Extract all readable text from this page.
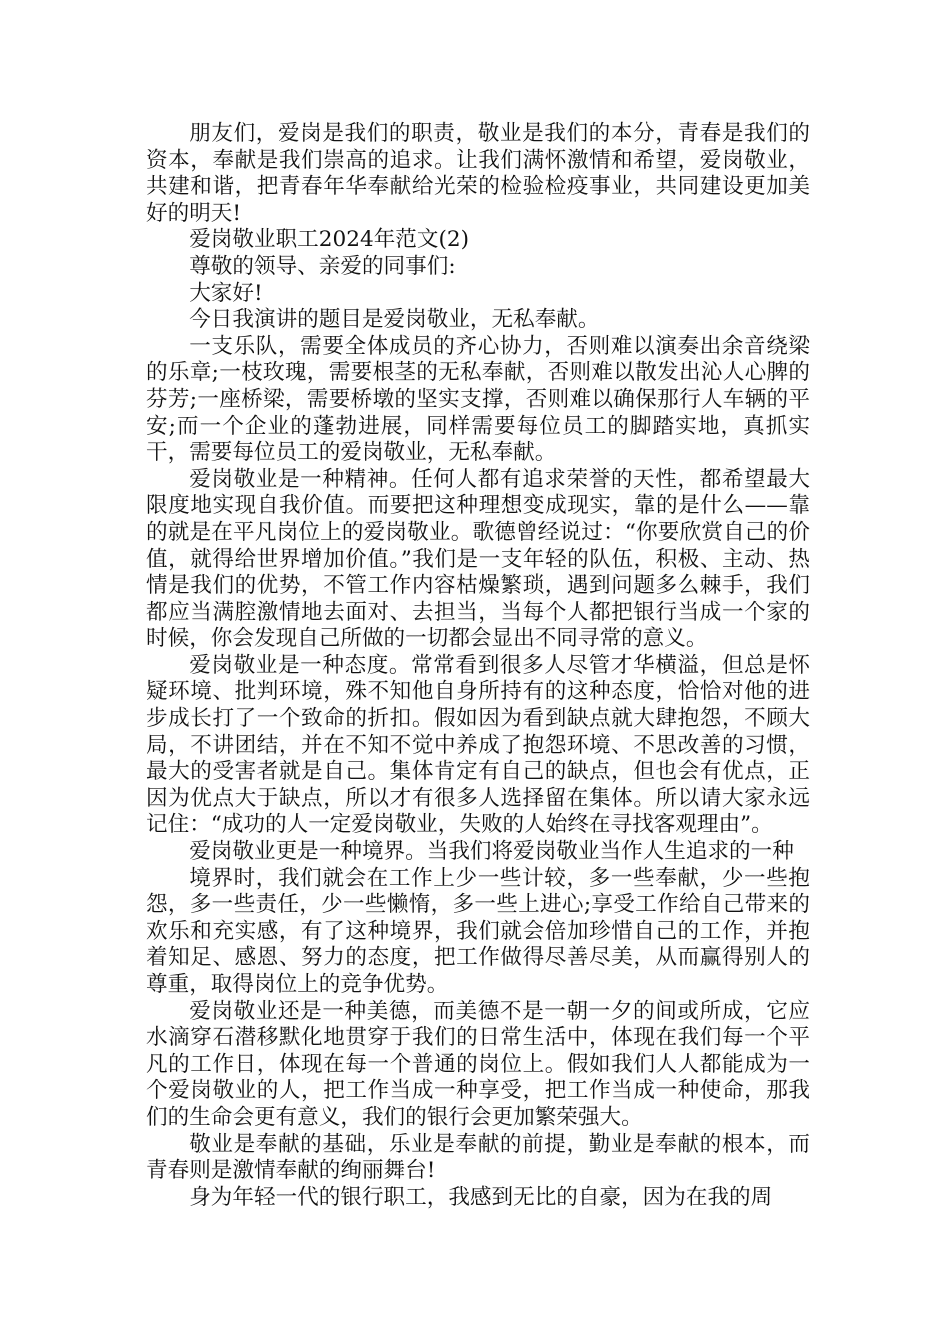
朋友们，爱岗是我们的职责，敬业是我们的本分，青春是我们的资本，奉献是我们崇高的追求。让我们满怀激情和希望，爱岗敬业，共建和谐，把青春年华奉献给光荣的检验检疫事业，共同建设更加美好的明天!

爱岗敬业职工2024年范文(2)

尊敬的领导、亲爱的同事们:

大家好!

今日我演讲的题目是爱岗敬业，无私奉献。

一支乐队，需要全体成员的齐心协力，否则难以演奏出余音绕梁的乐章;一枝玫瑰，需要根茎的无私奉献，否则难以散发出沁人心脾的芬芳;一座桥梁，需要桥墩的坚实支撑，否则难以确保那行人车辆的平安;而一个企业的蓬勃进展，同样需要每位员工的脚踏实地，真抓实干，需要每位员工的爱岗敬业，无私奉献。

爱岗敬业是一种精神。任何人都有追求荣誉的天性，都希望最大限度地实现自我价值。而要把这种理想变成现实，靠的是什么——靠的就是在平凡岗位上的爱岗敬业。歌德曾经说过：“你要欣赏自己的价值，就得给世界增加价值。”我们是一支年轻的队伍，积极、主动、热情是我们的优势，不管工作内容枯燥繁琐，遇到问题多么棘手，我们都应当满腔激情地去面对、去担当，当每个人都把银行当成一个家的时候，你会发现自己所做的一切都会显出不同寻常的意义。

爱岗敬业是一种态度。常常看到很多人尽管才华横溢，但总是怀疑环境、批判环境，殊不知他自身所持有的这种态度，恰恰对他的进步成长打了一个致命的折扣。假如因为看到缺点就大肆抱怨，不顾大局，不讲团结，并在不知不觉中养成了抱怨环境、不思改善的习惯，最大的受害者就是自己。集体肯定有自己的缺点，但也会有优点，正因为优点大于缺点，所以才有很多人选择留在集体。所以请大家永远记住：“成功的人一定爱岗敬业，失败的人始终在寻找客观理由”。

爱岗敬业更是一种境界。当我们将爱岗敬业当作人生追求的一种

境界时，我们就会在工作上少一些计较，多一些奉献，少一些抱怨，多一些责任，少一些懒惰，多一些上进心;享受工作给自己带来的欢乐和充实感，有了这种境界，我们就会倍加珍惜自己的工作，并抱着知足、感恩、努力的态度，把工作做得尽善尽美，从而赢得别人的尊重，取得岗位上的竞争优势。

爱岗敬业还是一种美德，而美德不是一朝一夕的间或所成，它应水滴穿石潜移默化地贯穿于我们的日常生活中，体现在我们每一个平凡的工作日，体现在每一个普通的岗位上。假如我们人人都能成为一个爱岗敬业的人，把工作当成一种享受，把工作当成一种使命，那我们的生命会更有意义，我们的银行会更加繁荣强大。

敬业是奉献的基础，乐业是奉献的前提，勤业是奉献的根本，而青春则是激情奉献的绚丽舞台!

身为年轻一代的银行职工，我感到无比的自豪，因为在我的周
